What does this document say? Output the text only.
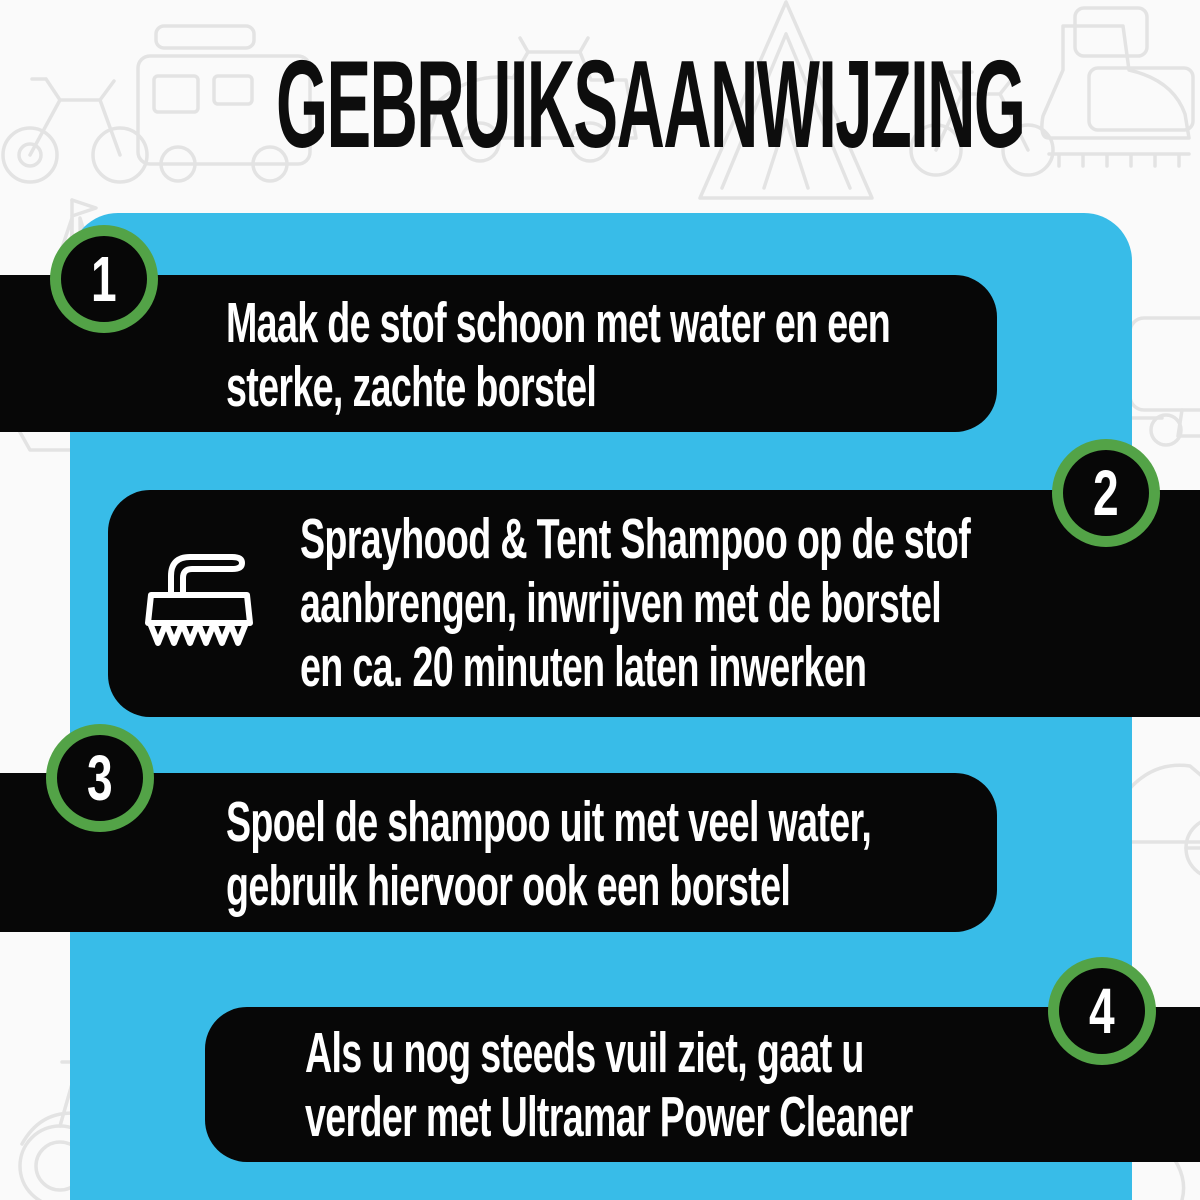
GEBRUIKSAANWIJZING
1
Maak de stof schoon met water en een
sterke, zachte borstel
2
Sprayhood & Tent Shampoo op de stof
aanbrengen, inwrijven met de borstel
en ca. 20 minuten laten inwerken
3
Spoel de shampoo uit met veel water,
gebruik hiervoor ook een borstel
4
Als u nog steeds vuil ziet, gaat u
verder met Ultramar Power Cleaner
